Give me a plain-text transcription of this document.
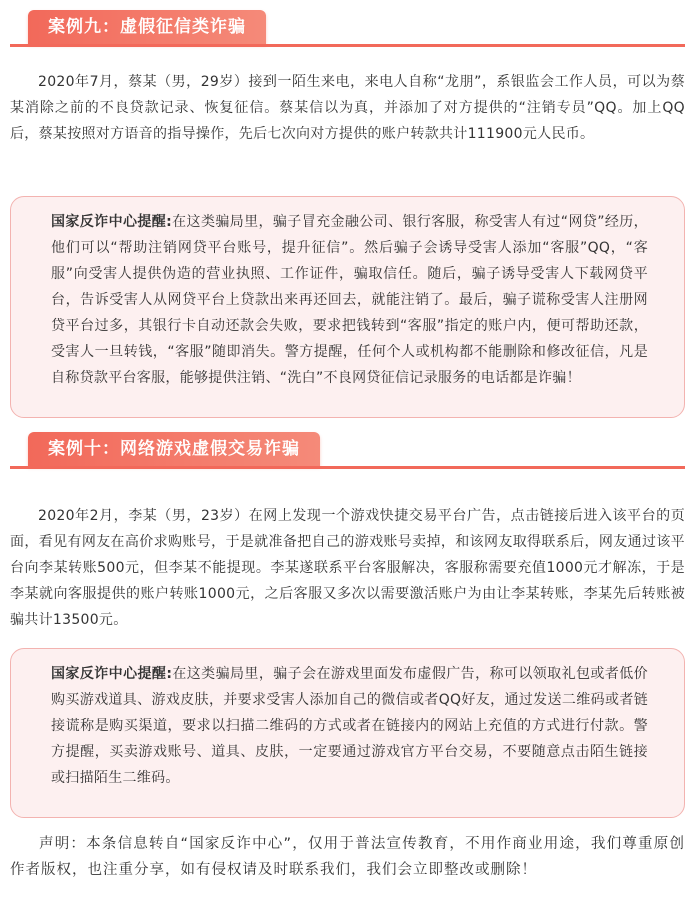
案例九：虚假征信类诈骗

2020年7月，蔡某（男，29岁）接到一陌生来电，来电人自称“龙朋”，系银监会工作人员，可以为蔡某消除之前的不良贷款记录、恢复征信。蔡某信以为真，并添加了对方提供的“注销专员”QQ。加上QQ后，蔡某按照对方语音的指导操作，先后七次向对方提供的账户转款共计111900元人民币。

国家反诈中心提醒:在这类骗局里，骗子冒充金融公司、银行客服，称受害人有过“网贷”经历，他们可以“帮助注销网贷平台账号，提升征信”。然后骗子会诱导受害人添加“客服”QQ，“客服”向受害人提供伪造的营业执照、工作证件，骗取信任。随后，骗子诱导受害人下载网贷平台，告诉受害人从网贷平台上贷款出来再还回去，就能注销了。最后，骗子谎称受害人注册网贷平台过多，其银行卡自动还款会失败，要求把钱转到“客服”指定的账户内，便可帮助还款，受害人一旦转钱，“客服”随即消失。警方提醒，任何个人或机构都不能删除和修改征信，凡是自称贷款平台客服，能够提供注销、“洗白”不良网贷征信记录服务的电话都是诈骗！
案例十：网络游戏虚假交易诈骗

2020年2月，李某（男，23岁）在网上发现一个游戏快捷交易平台广告，点击链接后进入该平台的页面，看见有网友在高价求购账号，于是就准备把自己的游戏账号卖掉，和该网友取得联系后，网友通过该平台向李某转账500元，但李某不能提现。李某遂联系平台客服解决，客服称需要充值1000元才解冻，于是李某就向客服提供的账户转账1000元，之后客服又多次以需要激活账户为由让李某转账，李某先后转账被骗共计13500元。

国家反诈中心提醒:在这类骗局里，骗子会在游戏里面发布虚假广告，称可以领取礼包或者低价购买游戏道具、游戏皮肤，并要求受害人添加自己的微信或者QQ好友，通过发送二维码或者链接谎称是购买渠道，要求以扫描二维码的方式或者在链接内的网站上充值的方式进行付款。警方提醒，买卖游戏账号、道具、皮肤，一定要通过游戏官方平台交易，不要随意点击陌生链接或扫描陌生二维码。

声明：本条信息转自“国家反诈中心”，仅用于普法宣传教育，不用作商业用途，我们尊重原创作者版权，也注重分享，如有侵权请及时联系我们，我们会立即整改或删除！
